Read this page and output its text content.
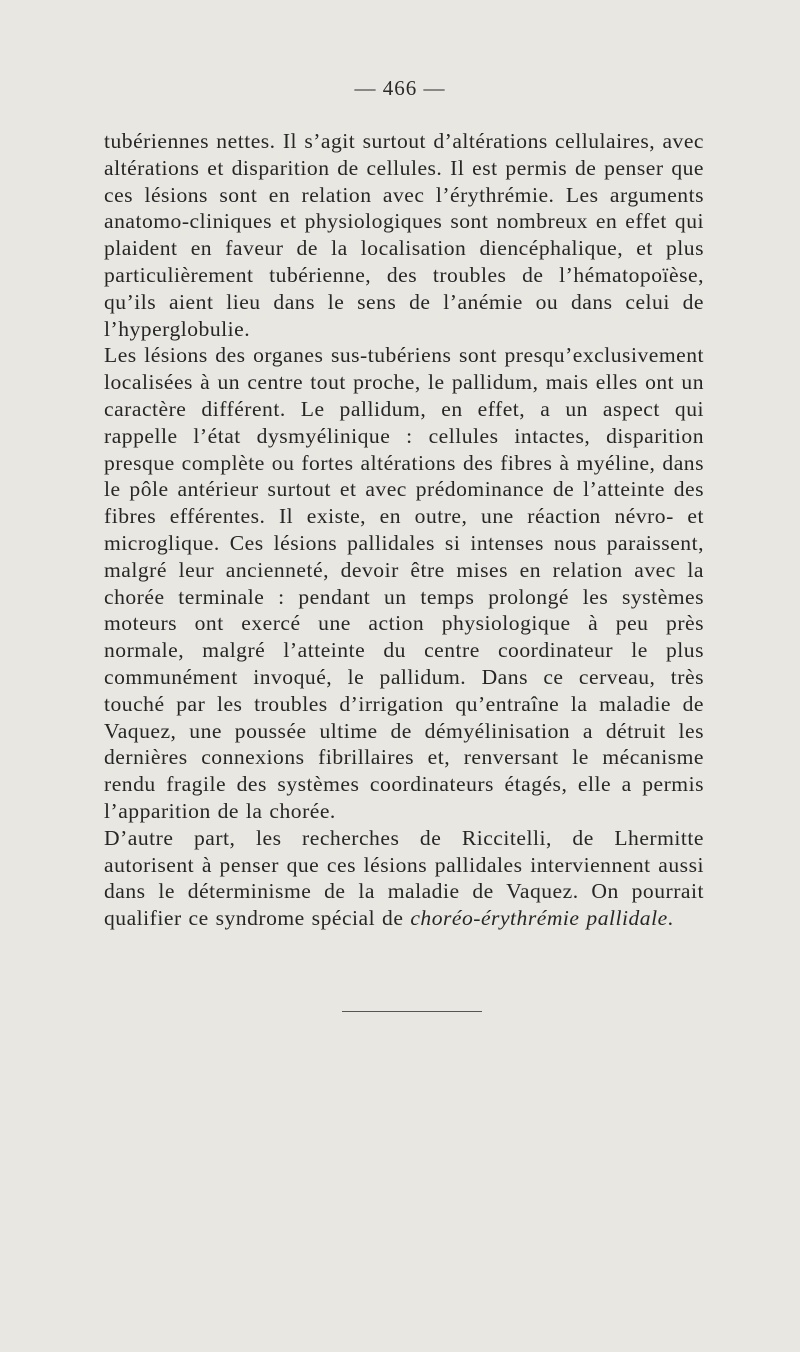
— 466 —

tubériennes nettes. Il s’agit surtout d’altérations cellulaires, avec altérations et disparition de cellules. Il est permis de penser que ces lésions sont en relation avec l’érythrémie. Les arguments anatomo-cliniques et physiologiques sont nombreux en effet qui plaident en faveur de la localisation diencéphalique, et plus particulièrement tubérienne, des troubles de l’hématopoïèse, qu’ils aient lieu dans le sens de l’anémie ou dans celui de l’hyperglobulie.

Les lésions des organes sus-tubériens sont presqu’exclusivement localisées à un centre tout proche, le pallidum, mais elles ont un caractère différent. Le pallidum, en effet, a un aspect qui rappelle l’état dysmyélinique : cellules intactes, disparition presque complète ou fortes altérations des fibres à myéline, dans le pôle antérieur surtout et avec prédominance de l’atteinte des fibres efférentes. Il existe, en outre, une réaction névro- et microglique. Ces lésions pallidales si intenses nous paraissent, malgré leur ancienneté, devoir être mises en relation avec la chorée terminale : pendant un temps prolongé les systèmes moteurs ont exercé une action physiologique à peu près normale, malgré l’atteinte du centre coordinateur le plus communément invoqué, le pallidum. Dans ce cerveau, très touché par les troubles d’irrigation qu’entraîne la maladie de Vaquez, une poussée ultime de démyélinisation a détruit les dernières connexions fibrillaires et, renversant le mécanisme rendu fragile des systèmes coordinateurs étagés, elle a permis l’apparition de la chorée.

D’autre part, les recherches de Riccitelli, de Lhermitte autorisent à penser que ces lésions pallidales interviennent aussi dans le déterminisme de la maladie de Vaquez. On pourrait qualifier ce syndrome spécial de choréo-érythrémie pallidale.
